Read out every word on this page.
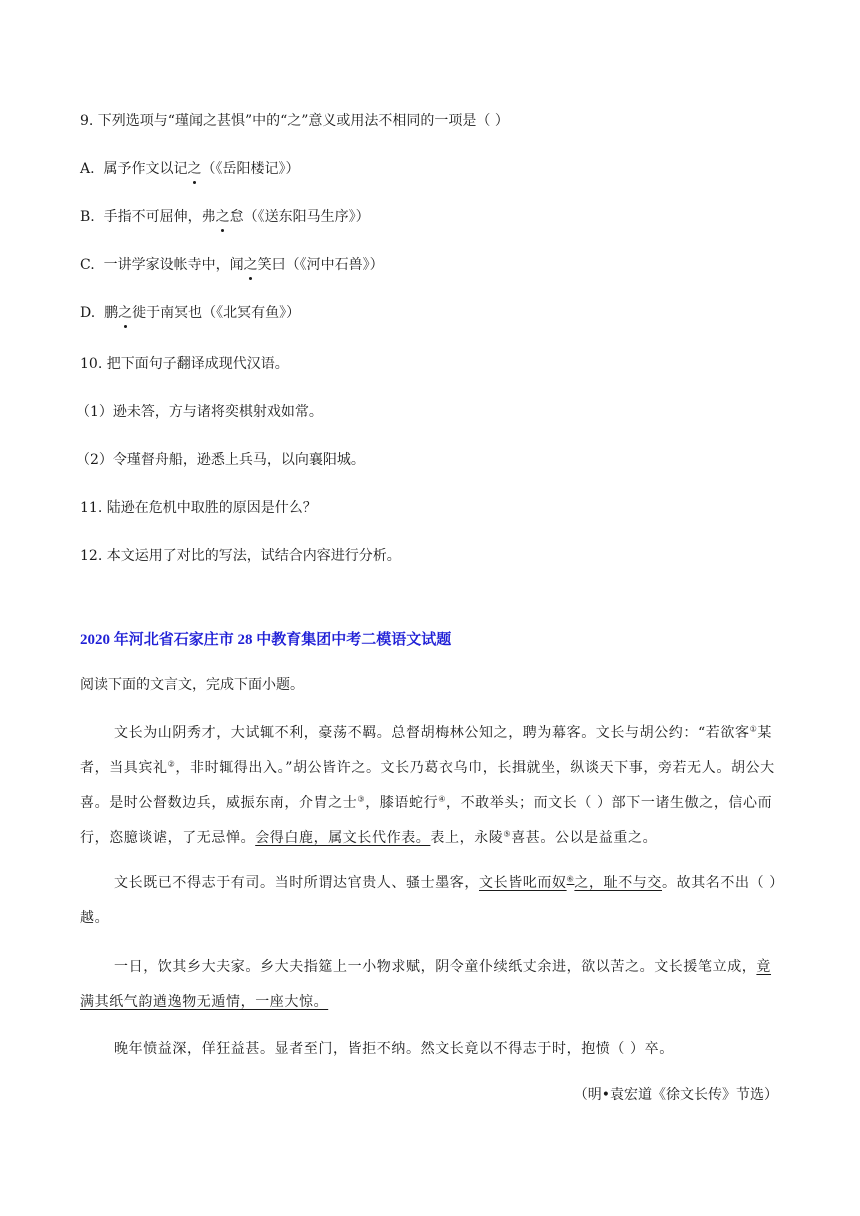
9. 下列选项与“瑾闻之甚惧”中的“之”意义或用法不相同的一项是（ ）
A. 属予作文以记之（《岳阳楼记》）
B. 手指不可屈伸，弗之怠（《送东阳马生序》）
C. 一讲学家设帐寺中，闻之笑曰（《河中石兽》）
D. 鹏之徙于南冥也（《北冥有鱼》）
10. 把下面句子翻译成现代汉语。
（1）逊未答，方与诸将奕棋射戏如常。
（2）令瑾督舟船，逊悉上兵马，以向襄阳城。
11. 陆逊在危机中取胜的原因是什么？
12. 本文运用了对比的写法，试结合内容进行分析。
2020 年河北省石家庄市 28 中教育集团中考二模语文试题
阅读下面的文言文，完成下面小题。

文长为山阴秀才，大试辄不利，豪荡不羁。总督胡梅林公知之，聘为幕客。文长与胡公约：“若欲客①某者，当具宾礼②，非时辄得出入。”胡公皆许之。文长乃葛衣乌巾，长揖就坐，纵谈天下事，旁若无人。胡公大喜。是时公督数边兵，威振东南，介胄之士③，膝语蛇行④，不敢举头；而文长（ ）部下一诸生傲之，信心而行，恣臆谈谑，了无忌惮。会得白鹿，属文长代作表。表上，永陵⑤喜甚。公以是益重之。

文长既已不得志于有司。当时所谓达官贵人、骚士墨客，文长皆叱而奴⑥之，耻不与交。故其名不出（ ）越。

一日，饮其乡大夫家。乡大夫指筵上一小物求赋，阴令童仆续纸丈余进，欲以苦之。文长援笔立成，竟满其纸气韵遒逸物无遁情，一座大惊。

晚年愤益深，佯狂益甚。显者至门，皆拒不纳。然文长竟以不得志于时，抱愤（ ）卒。

（明•袁宏道《徐文长传》节选）
